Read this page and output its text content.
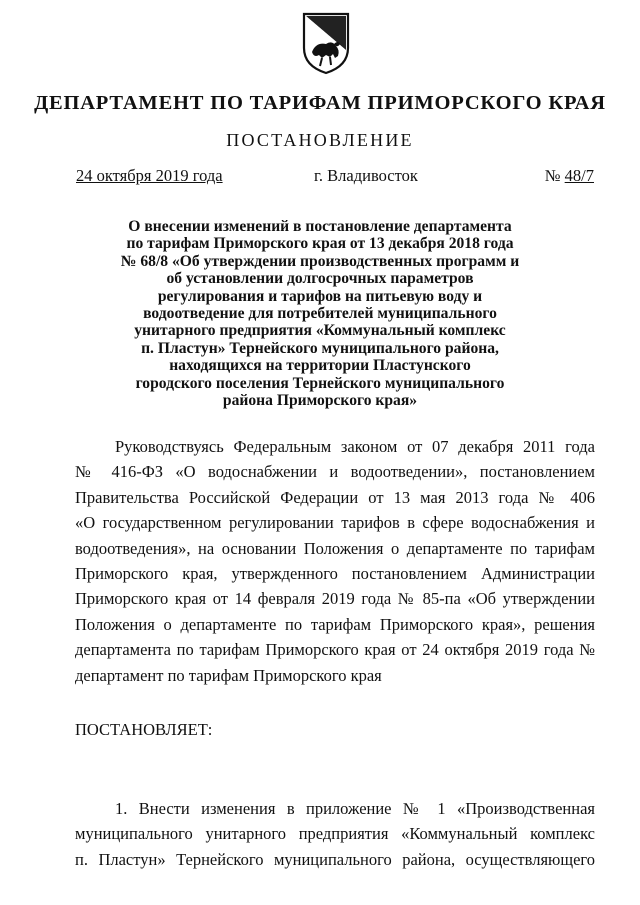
ДЕПАРТАМЕНТ ПО ТАРИФАМ ПРИМОРСКОГО КРАЯ
ПОСТАНОВЛЕНИЕ
24 октября 2019 года	г. Владивосток	№ 48/7
О внесении изменений в постановление департамента
по тарифам Приморского края от 13 декабря 2018 года
№ 68/8 «Об утверждении производственных программ и
об установлении долгосрочных параметров
регулирования и тарифов на питьевую воду и
водоотведение для потребителей муниципального
унитарного предприятия «Коммунальный комплекс
п. Пластун» Тернейского муниципального района,
находящихся на территории Пластунского
городского поселения Тернейского муниципального
района Приморского края»
Руководствуясь Федеральным законом от 07 декабря 2011 года
№ 416-ФЗ «О водоснабжении и водоотведении», постановлением
Правительства Российской Федерации от 13 мая 2013 года № 406
«О государственном регулировании тарифов в сфере водоснабжения и
водоотведения», на основании Положения о департаменте по тарифам
Приморского края, утвержденного постановлением Администрации
Приморского края от 14 февраля 2019 года № 85-па «Об утверждении
Положения о департаменте по тарифам Приморского края», решения
департамента по тарифам Приморского края от 24 октября 2019 года №
департамент по тарифам Приморского края
ПОСТАНОВЛЯЕТ:
1. Внести изменения в приложение № 1 «Производственная
муниципального унитарного предприятия «Коммунальный комплекс
п. Пластун» Тернейского муниципального района, осуществляющего
